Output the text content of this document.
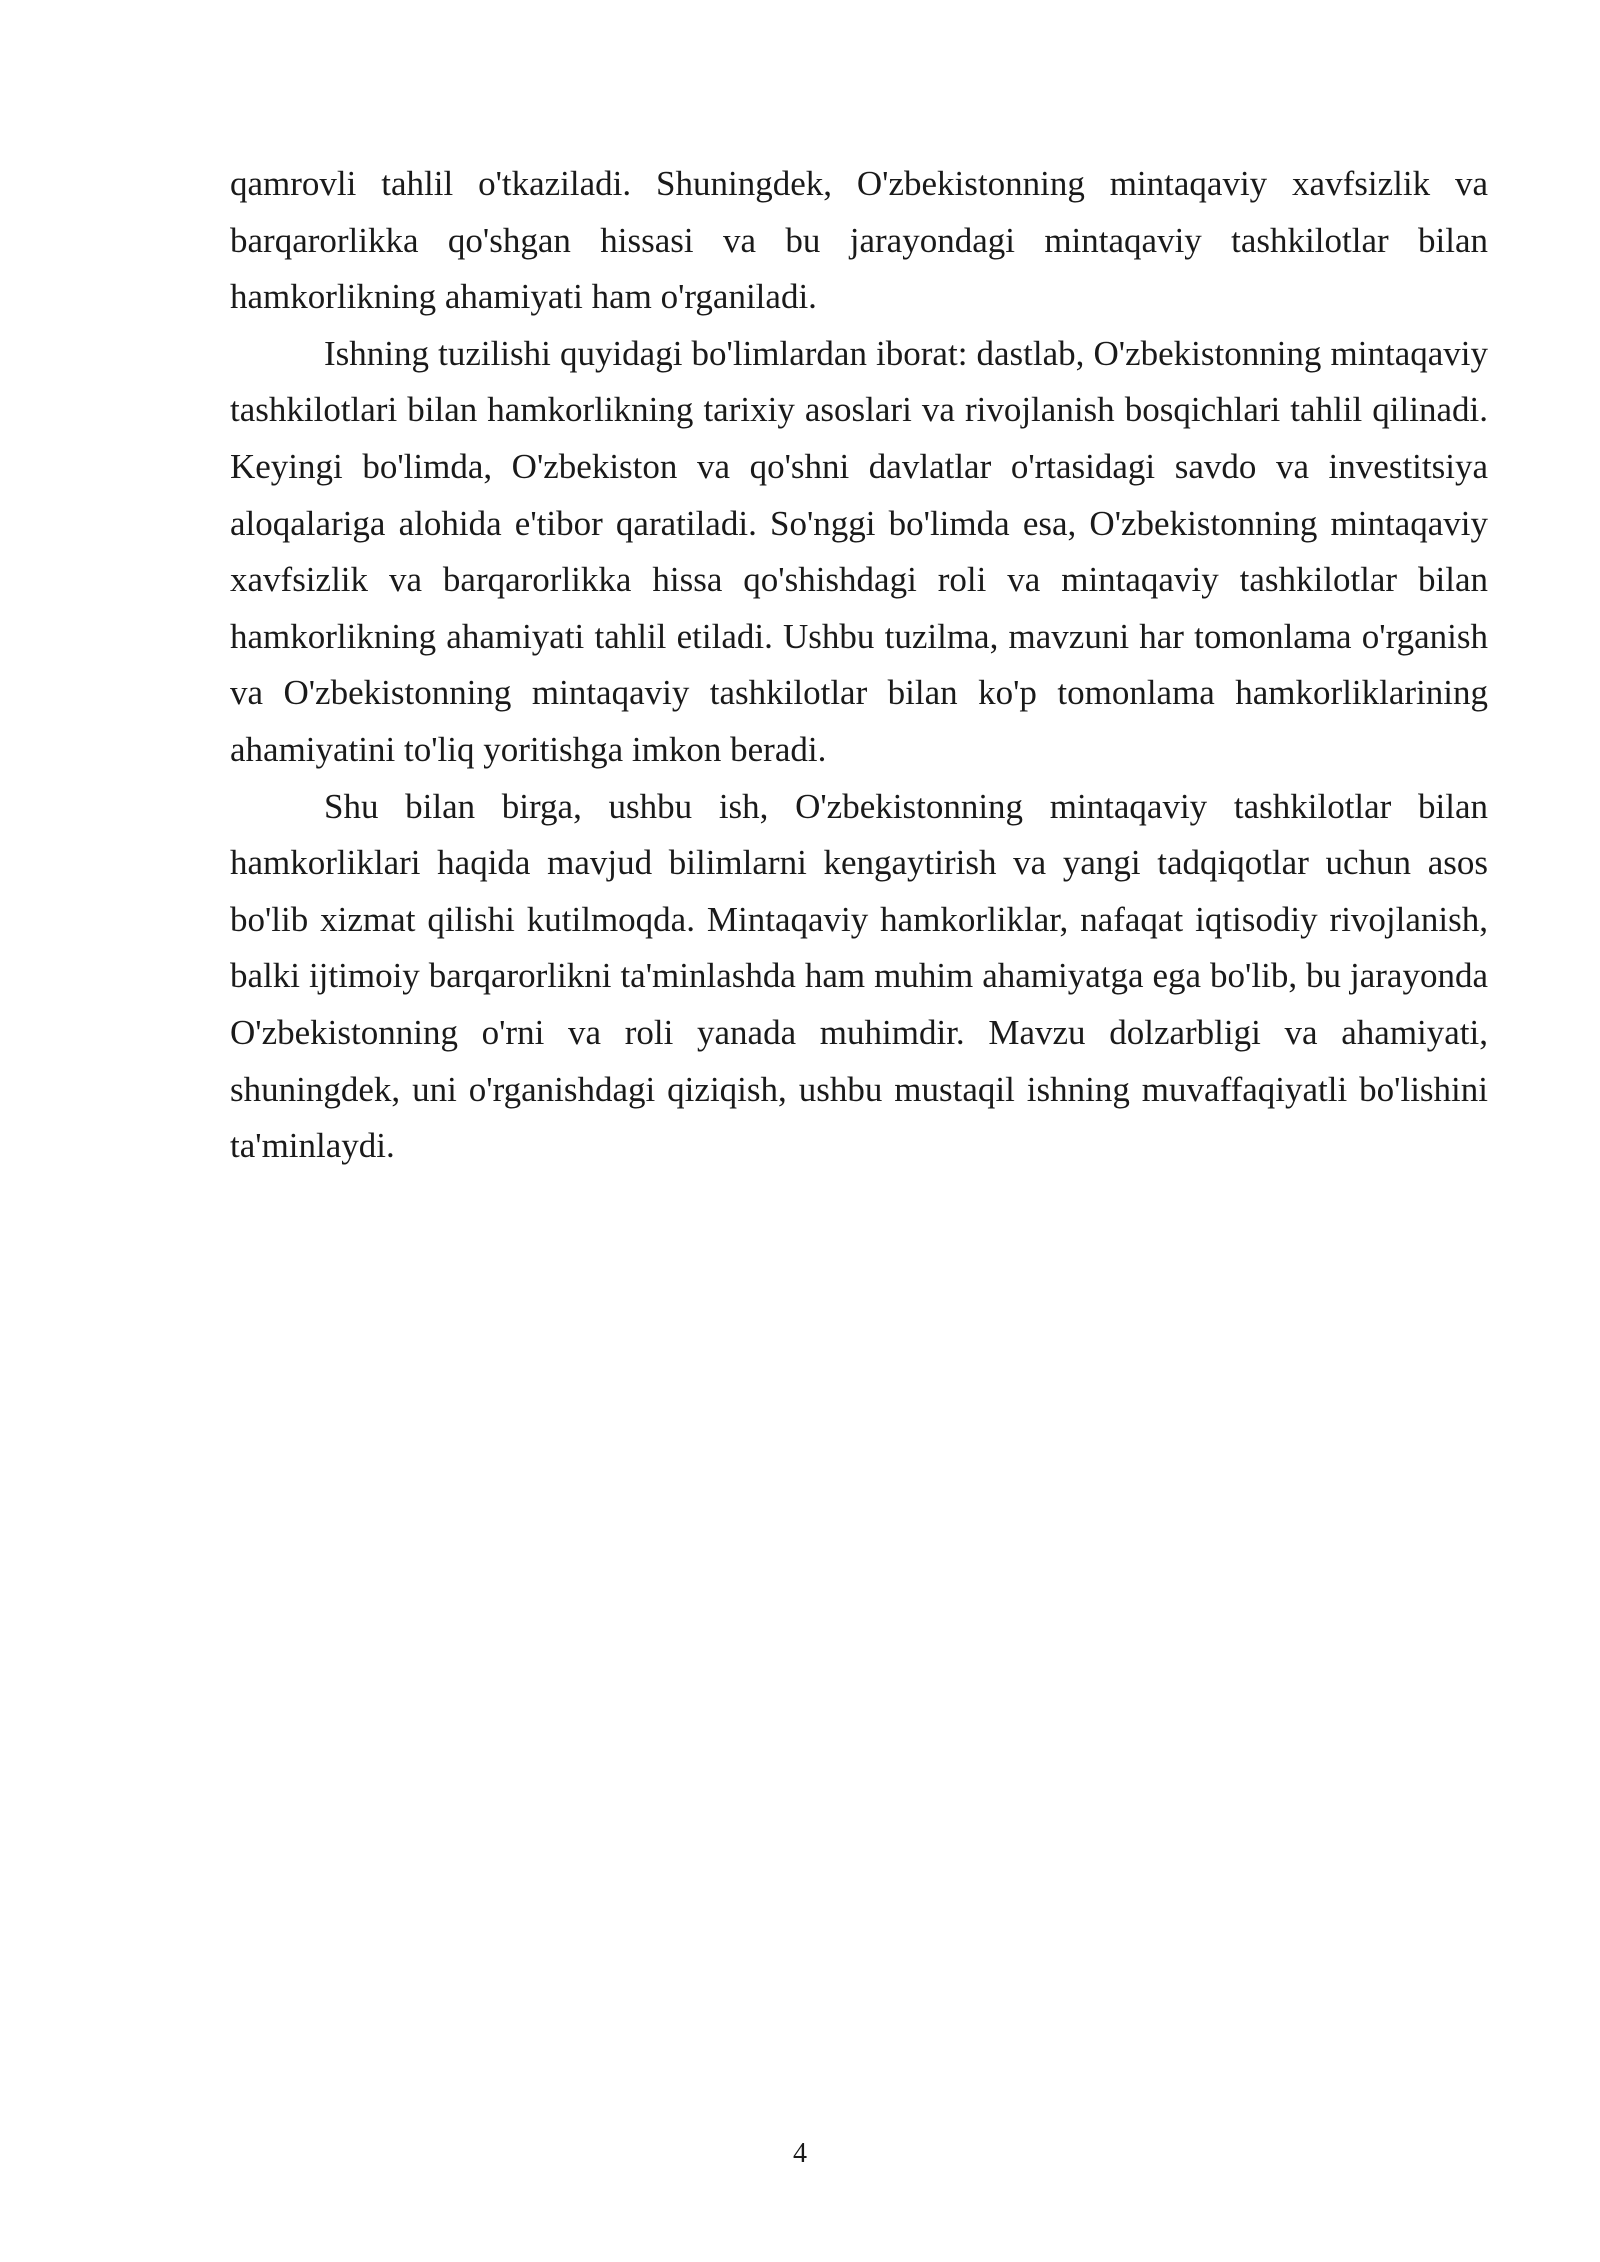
qamrovli tahlil o'tkaziladi. Shuningdek, O'zbekistonning mintaqaviy xavfsizlik va barqarorlikka qo'shgan hissasi va bu jarayondagi mintaqaviy tashkilotlar bilan hamkorlikning ahamiyati ham o'rganiladi.

Ishning tuzilishi quyidagi bo'limlardan iborat: dastlab, O'zbekistonning mintaqaviy tashkilotlari bilan hamkorlikning tarixiy asoslari va rivojlanish bosqichlari tahlil qilinadi. Keyingi bo'limda, O'zbekiston va qo'shni davlatlar o'rtasidagi savdo va investitsiya aloqalariga alohida e'tibor qaratiladi. So'nggi bo'limda esa, O'zbekistonning mintaqaviy xavfsizlik va barqarorlikka hissa qo'shishdagi roli va mintaqaviy tashkilotlar bilan hamkorlikning ahamiyati tahlil etiladi. Ushbu tuzilma, mavzuni har tomonlama o'rganish va O'zbekistonning mintaqaviy tashkilotlar bilan ko'p tomonlama hamkorliklarining ahamiyatini to'liq yoritishga imkon beradi.

Shu bilan birga, ushbu ish, O'zbekistonning mintaqaviy tashkilotlar bilan hamkorliklari haqida mavjud bilimlarni kengaytirish va yangi tadqiqotlar uchun asos bo'lib xizmat qilishi kutilmoqda. Mintaqaviy hamkorliklar, nafaqat iqtisodiy rivojlanish, balki ijtimoiy barqarorlikni ta'minlashda ham muhim ahamiyatga ega bo'lib, bu jarayonda O'zbekistonning o'rni va roli yanada muhimdir. Mavzu dolzarbligi va ahamiyati, shuningdek, uni o'rganishdagi qiziqish, ushbu mustaqil ishning muvaffaqiyatli bo'lishini ta'minlaydi.

4
